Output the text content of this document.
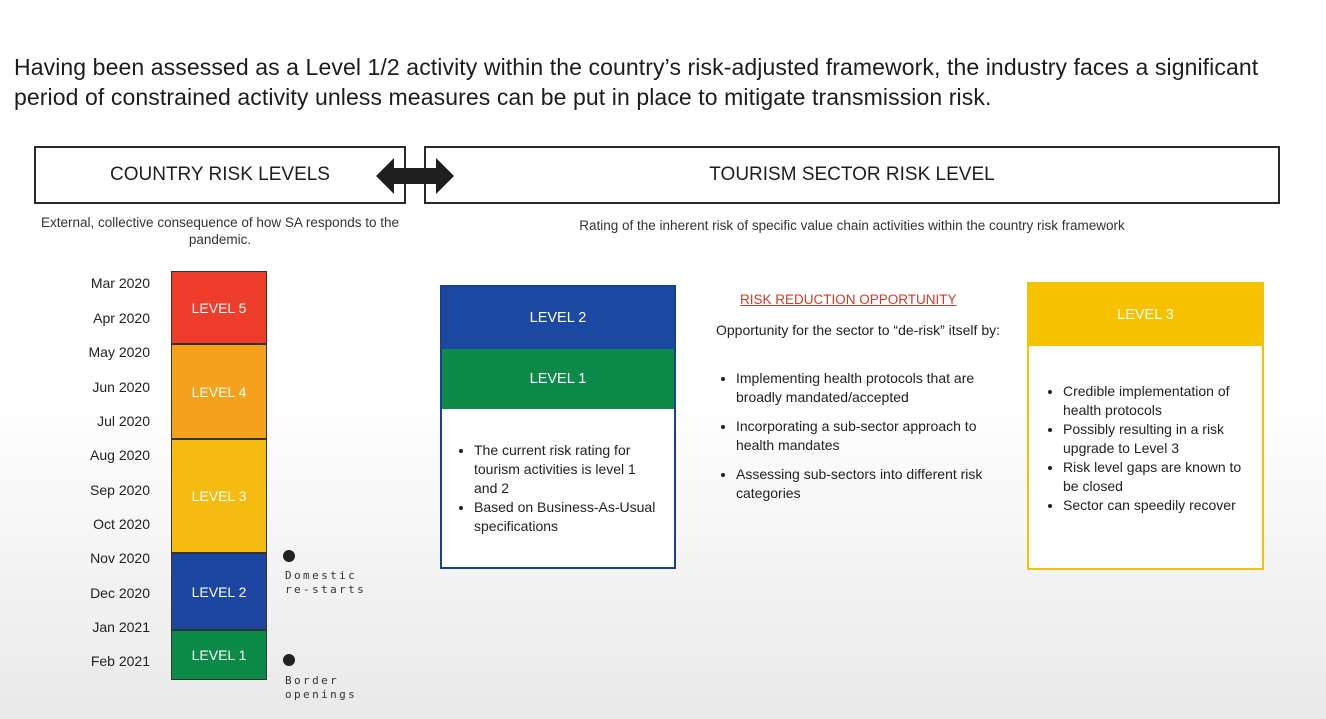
Having been assessed as a Level 1/2 activity within the country’s risk-adjusted framework, the industry faces a significant period of constrained activity unless measures can be put in place to mitigate transmission risk.
COUNTRY RISK LEVELS	TOURISM SECTOR RISK LEVEL
External, collective consequence of how SA responds to the pandemic.
Rating of the inherent risk of specific value chain activities within the country risk framework
Mar 2020
Apr 2020
May 2020
Jun 2020
Jul 2020
Aug 2020
Sep 2020
Oct 2020
Nov 2020
Dec 2020
Jan 2021
Feb 2021
LEVEL 5
LEVEL 4
LEVEL 3
LEVEL 2
LEVEL 1
Domestic
re-starts
Border
openings
LEVEL 2
LEVEL 1
• The current risk rating for tourism activities is level 1 and 2
• Based on Business-As-Usual specifications
RISK REDUCTION OPPORTUNITY
Opportunity for the sector to “de-risk” itself by:
• Implementing health protocols that are broadly mandated/accepted
• Incorporating a sub-sector approach to health mandates
• Assessing sub-sectors into different risk categories
LEVEL 3
• Credible implementation of health protocols
• Possibly resulting in a risk upgrade to Level 3
• Risk level gaps are known to be closed
• Sector can speedily recover
